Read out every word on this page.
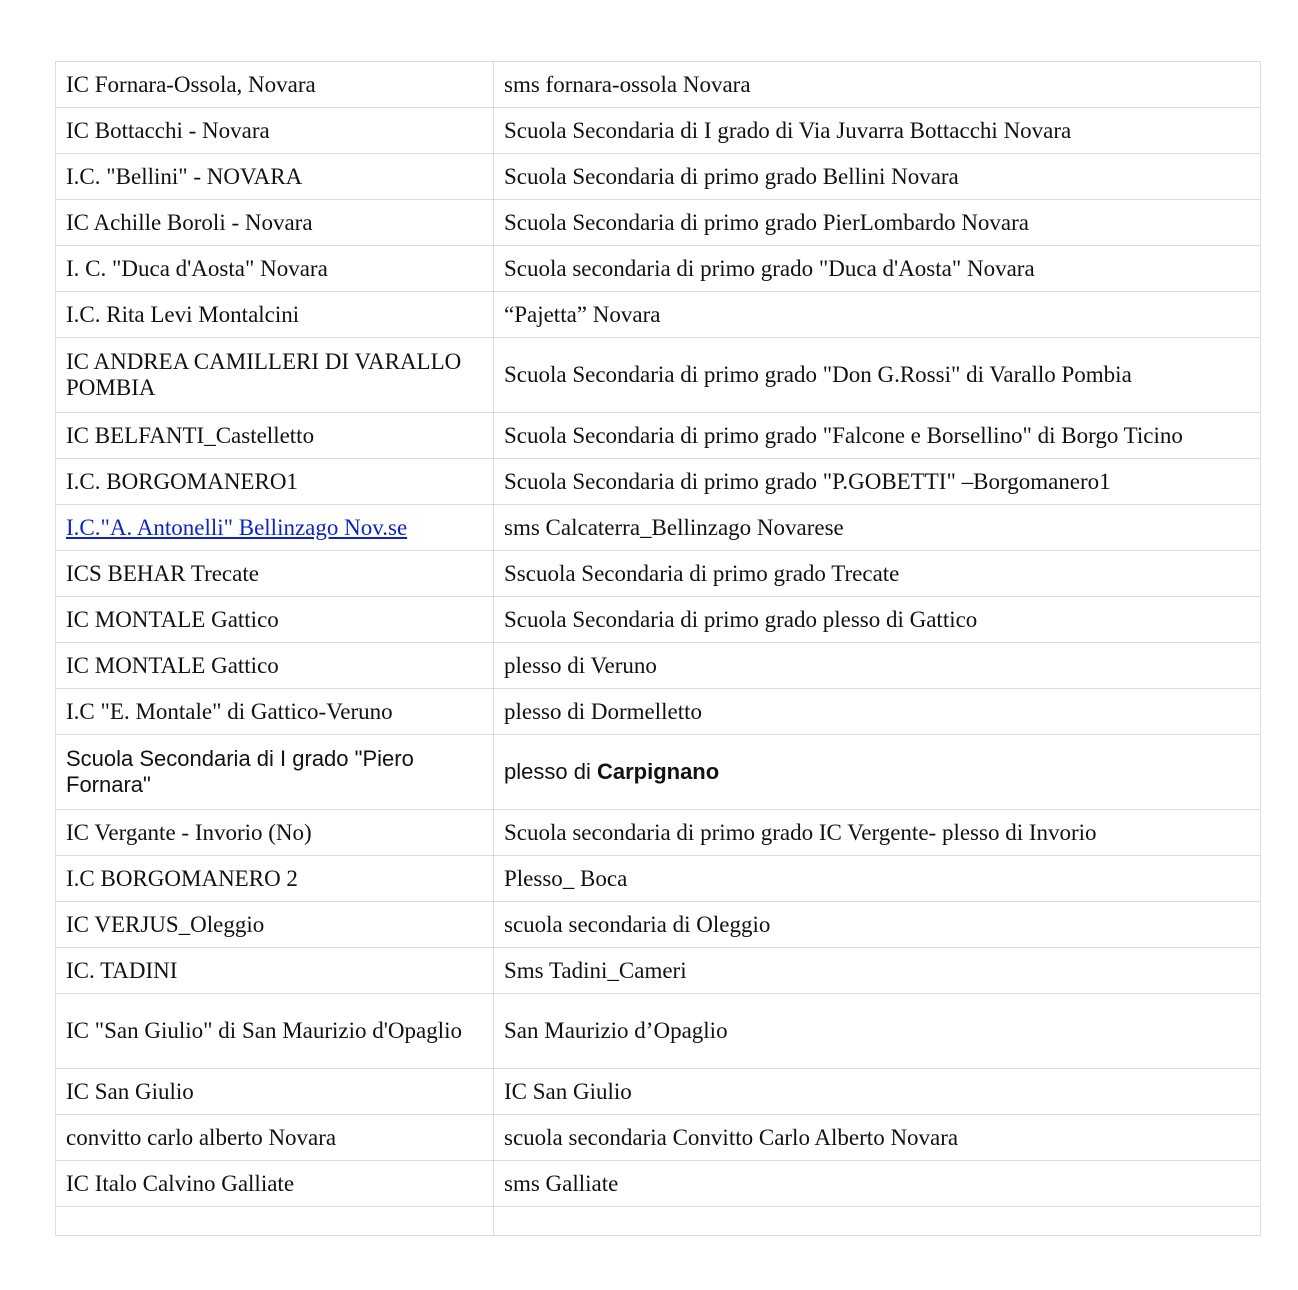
IC Fornara-Ossola, Novara	sms fornara-ossola Novara
IC Bottacchi - Novara	Scuola Secondaria di I grado di Via Juvarra Bottacchi Novara
I.C. "Bellini" - NOVARA	Scuola Secondaria di primo grado Bellini Novara
IC Achille Boroli - Novara	Scuola Secondaria di primo grado PierLombardo Novara
I. C. "Duca d'Aosta" Novara	Scuola secondaria di primo grado "Duca d'Aosta" Novara
I.C. Rita Levi Montalcini	“Pajetta” Novara
IC ANDREA CAMILLERI DI VARALLO POMBIA	Scuola Secondaria di primo grado "Don G.Rossi" di Varallo Pombia
IC BELFANTI_Castelletto	Scuola Secondaria di primo grado "Falcone e Borsellino" di Borgo Ticino
I.C. BORGOMANERO1	Scuola Secondaria di primo grado "P.GOBETTI" –Borgomanero1
I.C."A. Antonelli" Bellinzago Nov.se	sms Calcaterra_Bellinzago Novarese
ICS BEHAR Trecate	Sscuola Secondaria di primo grado Trecate
IC MONTALE Gattico	Scuola Secondaria di primo grado plesso di Gattico
IC MONTALE Gattico	plesso di Veruno
I.C "E. Montale" di Gattico-Veruno	plesso di Dormelletto
Scuola Secondaria di I grado "Piero Fornara"	plesso di Carpignano
IC Vergante - Invorio (No)	Scuola secondaria di primo grado IC Vergente- plesso di Invorio
I.C BORGOMANERO 2	Plesso_ Boca
IC VERJUS_Oleggio	scuola secondaria di Oleggio
IC. TADINI	Sms Tadini_Cameri
IC "San Giulio" di San Maurizio d'Opaglio	San Maurizio d’Opaglio
IC San Giulio	IC San Giulio
convitto carlo alberto Novara	scuola secondaria Convitto Carlo Alberto Novara
IC Italo Calvino Galliate	sms Galliate
